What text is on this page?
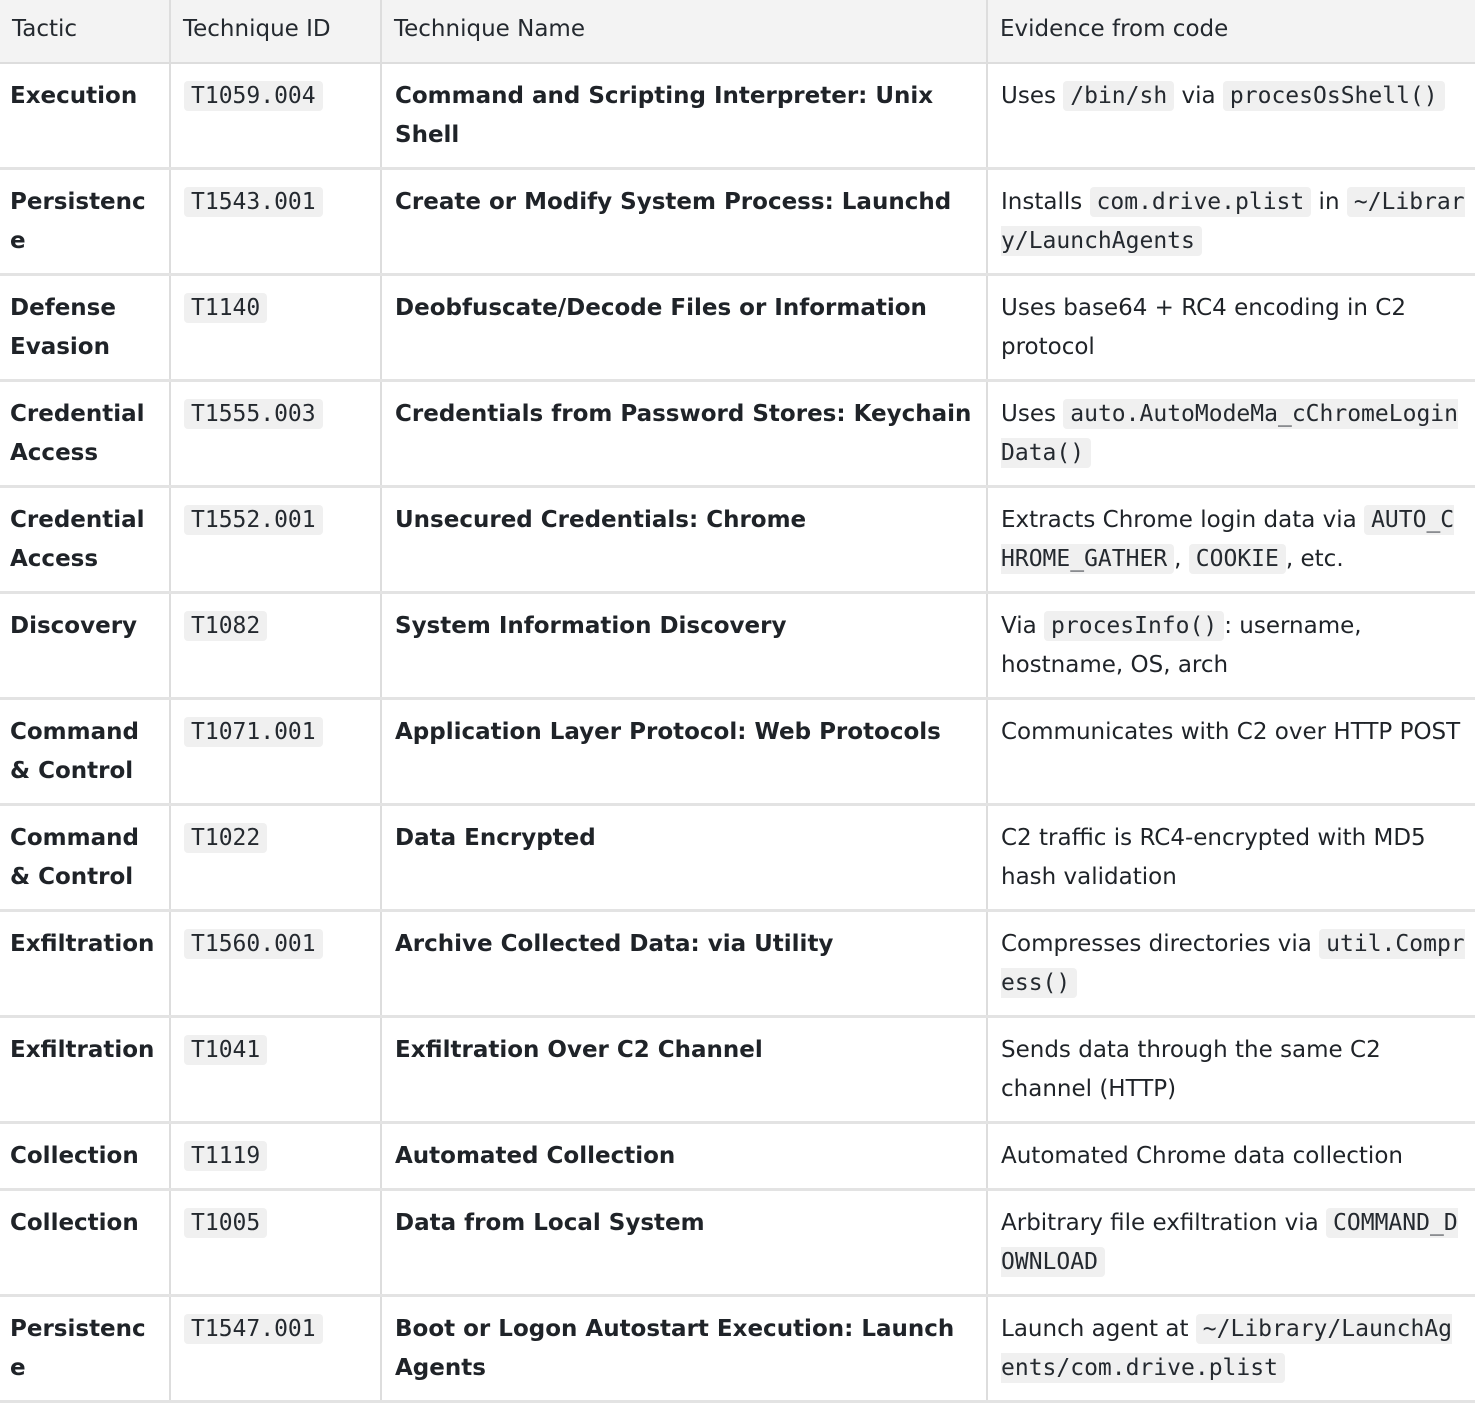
Tactic	Technique ID	Technique Name	Evidence from code
Execution	T1059.004	Command and Scripting Interpreter: Unix Shell	Uses /bin/sh via procesOsShell()
Persistence	T1543.001	Create or Modify System Process: Launchd	Installs com.drive.plist in ~/Library/LaunchAgents
Defense Evasion	T1140	Deobfuscate/Decode Files or Information	Uses base64 + RC4 encoding in C2 protocol
Credential Access	T1555.003	Credentials from Password Stores: Keychain	Uses auto.AutoModeMa_cChromeLoginData()
Credential Access	T1552.001	Unsecured Credentials: Chrome	Extracts Chrome login data via AUTO_CHROME_GATHER , COOKIE , etc.
Discovery	T1082	System Information Discovery	Via procesInfo() : username, hostname, OS, arch
Command & Control	T1071.001	Application Layer Protocol: Web Protocols	Communicates with C2 over HTTP POST
Command & Control	T1022	Data Encrypted	C2 traffic is RC4-encrypted with MD5 hash validation
Exfiltration	T1560.001	Archive Collected Data: via Utility	Compresses directories via util.Compress()
Exfiltration	T1041	Exfiltration Over C2 Channel	Sends data through the same C2 channel (HTTP)
Collection	T1119	Automated Collection	Automated Chrome data collection
Collection	T1005	Data from Local System	Arbitrary file exfiltration via COMMAND_DOWNLOAD
Persistence	T1547.001	Boot or Logon Autostart Execution: Launch Agents	Launch agent at ~/Library/LaunchAgents/com.drive.plist
